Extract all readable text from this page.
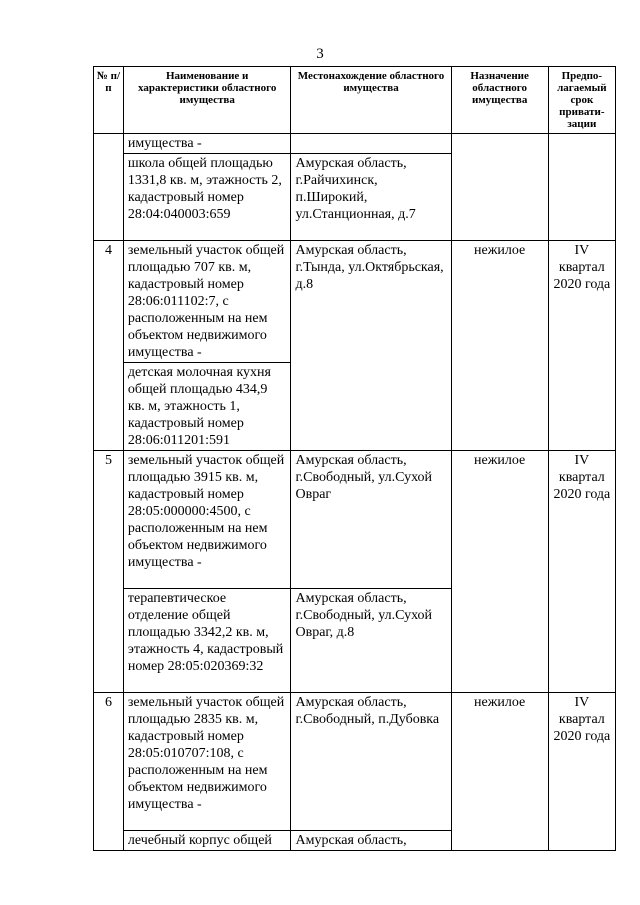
3
№ п/п	Наименование и характеристики областного имущества	Местонахождение областного имущества	Назначение областного имущества	Предпо-лагаемый срок привати-зации
	имущества -			
	школа общей площадью 1331,8 кв. м, этажность 2, кадастровый номер 28:04:040003:659	Амурская область, г.Райчихинск, п.Широкий, ул.Станционная, д.7		
4	земельный участок общей площадью 707 кв. м, кадастровый номер 28:06:011102:7, с расположенным на нем объектом недвижимого имущества -	Амурская область, г.Тында, ул.Октябрьская, д.8	нежилое	IV квартал 2020 года
	детская молочная кухня общей площадью 434,9 кв. м, этажность 1, кадастровый номер 28:06:011201:591			
5	земельный участок общей площадью 3915 кв. м, кадастровый номер 28:05:000000:4500, с расположенным на нем объектом недвижимого имущества -	Амурская область, г.Свободный, ул.Сухой Овраг	нежилое	IV квартал 2020 года
	терапевтическое отделение общей площадью 3342,2 кв. м, этажность 4, кадастровый номер 28:05:020369:32	Амурская область, г.Свободный, ул.Сухой Овраг, д.8		
6	земельный участок общей площадью 2835 кв. м, кадастровый номер 28:05:010707:108, с расположенным на нем объектом недвижимого имущества -	Амурская область, г.Свободный, п.Дубовка	нежилое	IV квартал 2020 года
	лечебный корпус общей	Амурская область,		
